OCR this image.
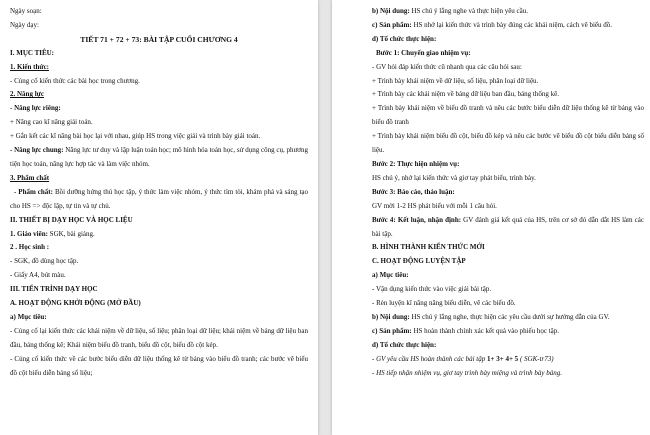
Ngày soạn:
Ngày dạy:
TIẾT 71 + 72 + 73: BÀI TẬP CUỐI CHƯƠNG 4
I. MỤC TIÊU:
1. Kiến thức:
- Củng cố kiến thức các bài học trong chương.
2. Năng lực
- Năng lực riêng:
+ Nâng cao kĩ năng giải toán.
+ Gắn kết các kĩ năng bài học lại với nhau, giúp HS trong việc giải và trình bày giải toán.
- Năng lực chung: Năng lực tư duy và lập luận toán học; mô hình hóa toán học, sử dụng công cụ, phương tiện học toán, năng lực hợp tác và làm việc nhóm.
3. Phẩm chất
- Phẩm chất: Bồi dưỡng hứng thú học tập, ý thức làm việc nhóm, ý thức tìm tòi, khám phá và sáng tạo cho HS => độc lập, tự tin và tự chủ.
II. THIẾT BỊ DẠY HỌC VÀ HỌC LIỆU
1. Giáo viên: SGK, bài giảng.
2 . Học sinh :
- SGK, đồ dùng học tập.
- Giấy A4, bút màu.
III. TIẾN TRÌNH DẠY HỌC
A. HOẠT ĐỘNG KHỞI ĐỘNG (MỞ ĐẦU)
a) Mục tiêu:
- Củng cố lại kiến thức các khái niệm về dữ liệu, số liệu; phân loại dữ liệu; khái niệm về bảng dữ liệu ban đầu, bảng thống kê; Khái niệm biểu đồ tranh, biểu đồ cột, biểu đồ cột kép.
- Củng cố kiến thức về các bước biểu diễn dữ liệu thống kê từ bảng vào biểu đồ tranh; các bước vẽ biểu đồ cột biểu diễn bảng số liệu;
b) Nội dung: HS chú ý lắng nghe và thực hiện yêu cầu.
c) Sản phẩm: HS nhớ lại kiến thức và trình bày đúng các khái niệm, cách vẽ biểu đồ.
d) Tổ chức thực hiện:
Bước 1: Chuyển giao nhiệm vụ:
- GV hỏi đáp kiến thức cũ nhanh qua các câu hỏi sau:
+ Trình bày khái niệm về dữ liệu, số liệu, phân loại dữ liệu.
+ Trình bày các khái niệm về bảng dữ liệu ban đầu, bảng thống kê.
+ Trình bày khái niệm về biểu đồ tranh và nêu các bước biểu diễn dữ liệu thống kê từ bảng vào biểu đồ tranh
+ Trình bày khái niệm biểu đồ cột, biểu đồ kép và nêu các bước vẽ biểu đồ cột biểu diễn bảng số liệu.
Bước 2: Thực hiện nhiệm vụ:
HS chú ý, nhớ lại kiến thức và giơ tay phát biểu, trình bày.
Bước 3: Báo cáo, thảo luận:
GV mời 1-2 HS phát biểu với mỗi 1 câu hỏi.
Bước 4: Kết luận, nhận định: GV đánh giá kết quả của HS, trên cơ sở đó dẫn dắt HS làm các bài tập.
B. HÌNH THÀNH KIẾN THỨC MỚI
C. HOẠT ĐỘNG LUYỆN TẬP
a) Mục tiêu:
- Vận dụng kiến thức vào việc giải bài tập.
- Rèn luyện kĩ năng năng biểu diễn, vẽ các biểu đồ.
b) Nội dung: HS chú ý lắng nghe, thực hiện các yêu cầu dưới sự hướng dẫn của GV.
c) Sản phẩm: HS hoàn thành chính xác kết quả vào phiếu học tập.
d) Tổ chức thực hiện:
- GV yêu cầu HS hoàn thành các bài tập 1+ 3+ 4+ 5 ( SGK-tr73)
- HS tiếp nhận nhiệm vụ, giơ tay trình bày miệng và trình bày bảng.
